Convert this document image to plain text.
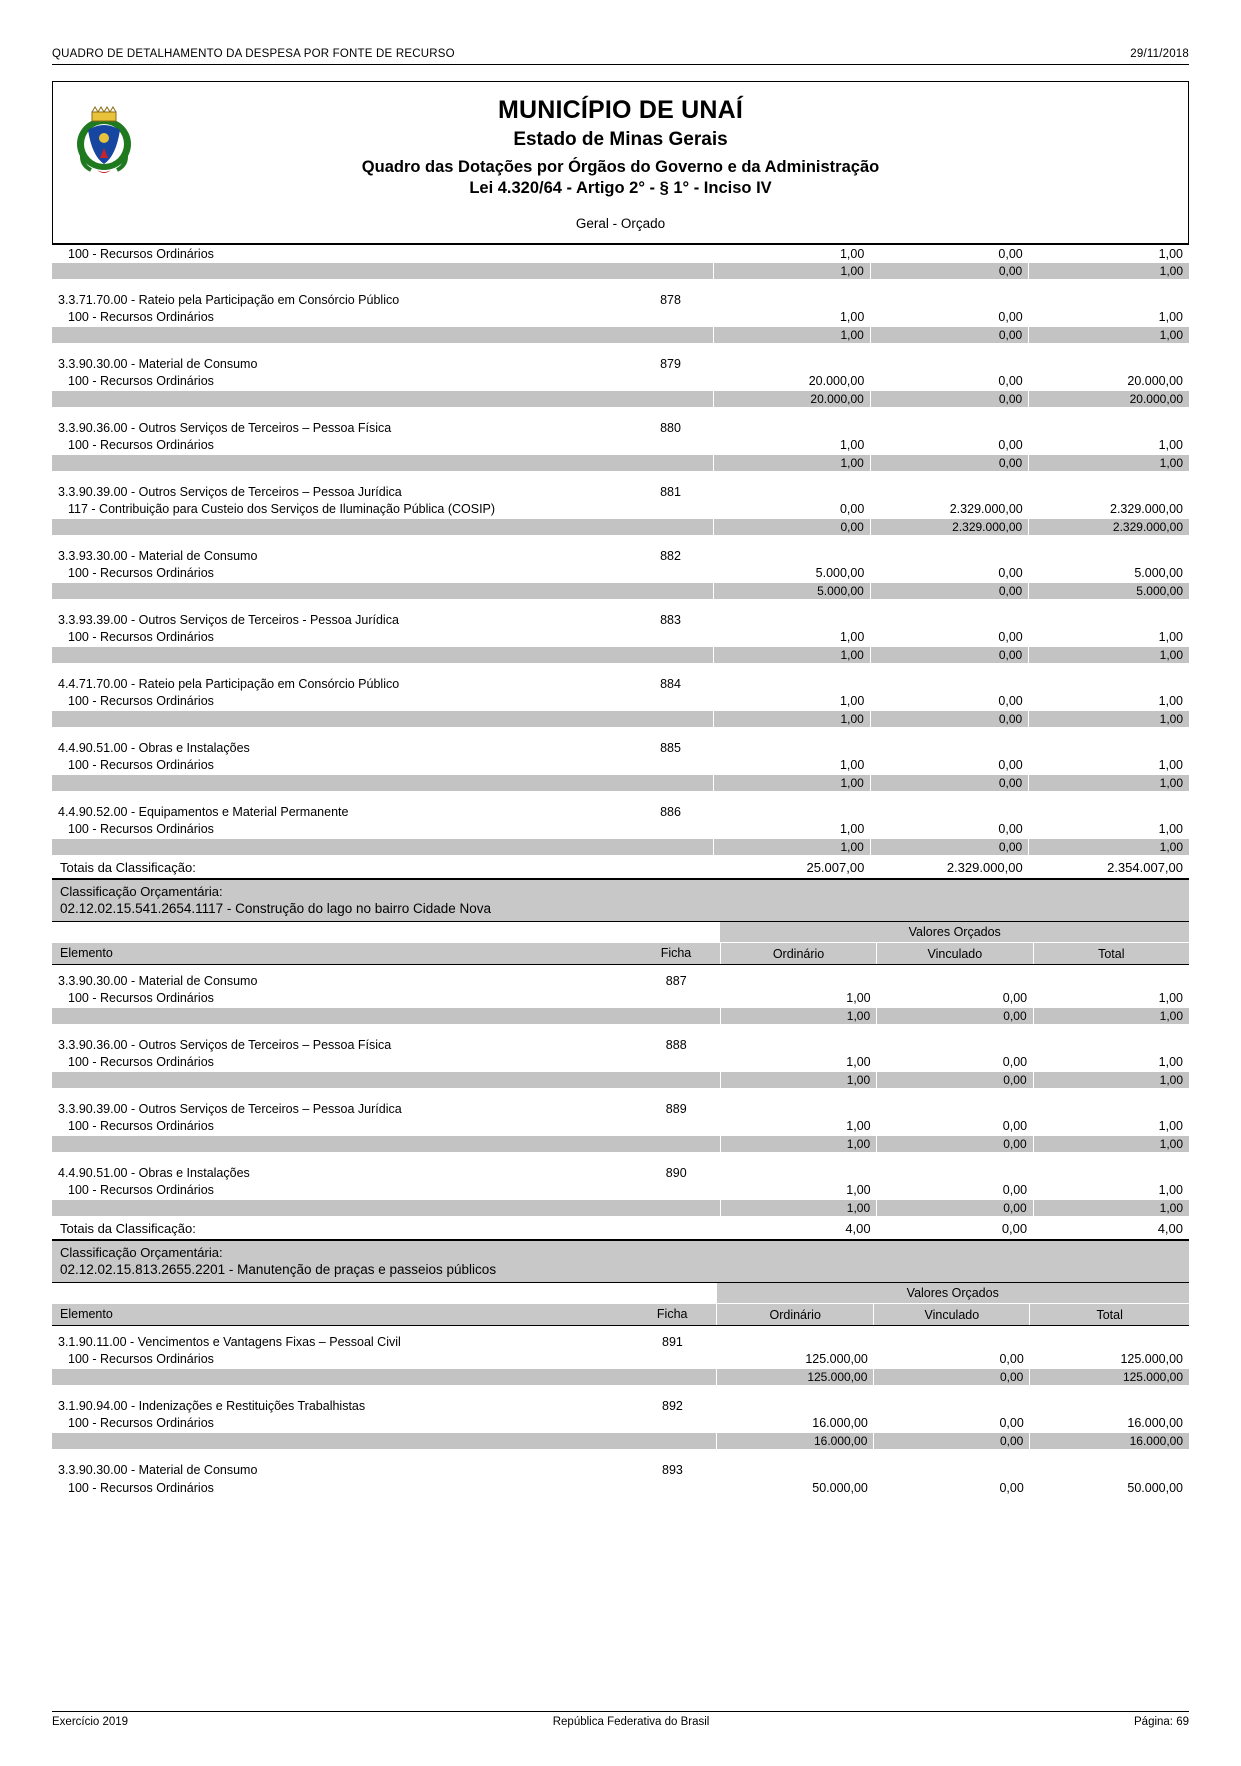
QUADRO DE DETALHAMENTO DA DESPESA POR FONTE DE RECURSO	29/11/2018
MUNICÍPIO DE UNAÍ
Estado de Minas Gerais
Quadro das Dotações por Órgãos do Governo e da Administração
Lei 4.320/64 - Artigo 2° - § 1° - Inciso IV
Geral - Orçado
100 - Recursos Ordinários		1,00	0,00	1,00
		1,00	0,00	1,00

3.3.71.70.00 - Rateio pela Participação em Consórcio Público	878			
100 - Recursos Ordinários		1,00	0,00	1,00
		1,00	0,00	1,00

3.3.90.30.00 - Material de Consumo	879			
100 - Recursos Ordinários		20.000,00	0,00	20.000,00
		20.000,00	0,00	20.000,00

3.3.90.36.00 - Outros Serviços de Terceiros – Pessoa Física	880			
100 - Recursos Ordinários		1,00	0,00	1,00
		1,00	0,00	1,00

3.3.90.39.00 - Outros Serviços de Terceiros – Pessoa Jurídica	881			
117 - Contribuição para Custeio dos Serviços de Iluminação Pública (COSIP)		0,00	2.329.000,00	2.329.000,00
		0,00	2.329.000,00	2.329.000,00

3.3.93.30.00 - Material de Consumo	882			
100 - Recursos Ordinários		5.000,00	0,00	5.000,00
		5.000,00	0,00	5.000,00

3.3.93.39.00 - Outros Serviços de Terceiros - Pessoa Jurídica	883			
100 - Recursos Ordinários		1,00	0,00	1,00
		1,00	0,00	1,00

4.4.71.70.00 - Rateio pela Participação em Consórcio Público	884			
100 - Recursos Ordinários		1,00	0,00	1,00
		1,00	0,00	1,00

4.4.90.51.00 - Obras e Instalações	885			
100 - Recursos Ordinários		1,00	0,00	1,00
		1,00	0,00	1,00

4.4.90.52.00 - Equipamentos e Material Permanente	886			
100 - Recursos Ordinários		1,00	0,00	1,00
		1,00	0,00	1,00
Totais da Classificação:		25.007,00	2.329.000,00	2.354.007,00
Classificação Orçamentária:
02.12.02.15.541.2654.1117 - Construção do lago no bairro Cidade Nova
		Valores Orçados		
Elemento	Ficha	Ordinário	Vinculado	Total

3.3.90.30.00 - Material de Consumo	887			
100 - Recursos Ordinários		1,00	0,00	1,00
		1,00	0,00	1,00

3.3.90.36.00 - Outros Serviços de Terceiros – Pessoa Física	888			
100 - Recursos Ordinários		1,00	0,00	1,00
		1,00	0,00	1,00

3.3.90.39.00 - Outros Serviços de Terceiros – Pessoa Jurídica	889			
100 - Recursos Ordinários		1,00	0,00	1,00
		1,00	0,00	1,00

4.4.90.51.00 - Obras e Instalações	890			
100 - Recursos Ordinários		1,00	0,00	1,00
		1,00	0,00	1,00
Totais da Classificação:		4,00	0,00	4,00
Classificação Orçamentária:
02.12.02.15.813.2655.2201 - Manutenção de praças e passeios públicos
		Valores Orçados		
Elemento	Ficha	Ordinário	Vinculado	Total

3.1.90.11.00 - Vencimentos e Vantagens Fixas – Pessoal Civil	891			
100 - Recursos Ordinários		125.000,00	0,00	125.000,00
		125.000,00	0,00	125.000,00

3.1.90.94.00 - Indenizações e Restituições Trabalhistas	892			
100 - Recursos Ordinários		16.000,00	0,00	16.000,00
		16.000,00	0,00	16.000,00

3.3.90.30.00 - Material de Consumo	893			
100 - Recursos Ordinários		50.000,00	0,00	50.000,00
Exercício 2019	República Federativa do Brasil	Página: 69
